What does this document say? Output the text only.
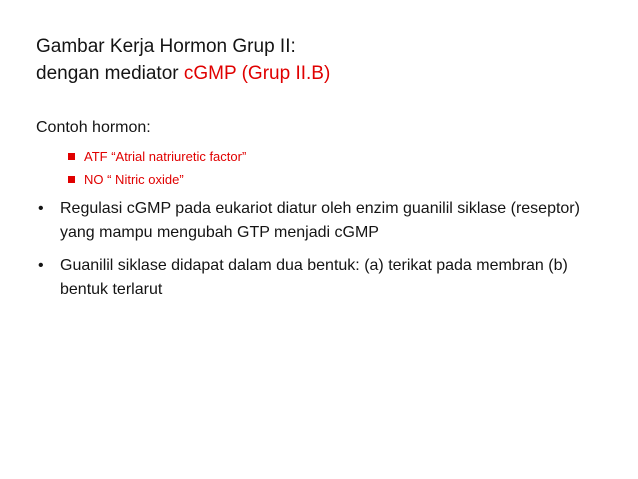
Gambar Kerja Hormon Grup II:
dengan mediator cGMP (Grup II.B)
Contoh hormon:
ATF “Atrial natriuretic factor”
NO “ Nitric oxide”
• Regulasi cGMP pada eukariot diatur oleh enzim guanilil siklase (reseptor) yang mampu mengubah GTP menjadi cGMP
• Guanilil siklase didapat dalam dua bentuk: (a) terikat pada membran (b) bentuk terlarut
